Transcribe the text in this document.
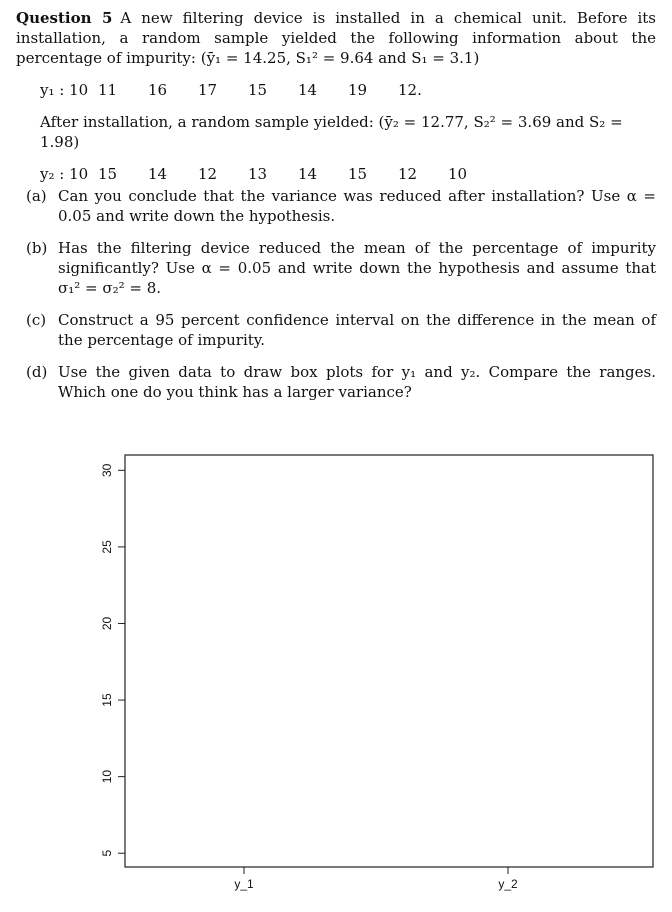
Question 5 A new filtering device is installed in a chemical unit. Before its installation, a random sample yielded the following information about the percentage of impurity: (ȳ₁ = 14.25, S₁² = 9.64 and S₁ = 3.1)

y₁ : 10 11	16	17	15	14	19	12.

After installation, a random sample yielded: (ȳ₂ = 12.77, S₂² = 3.69 and S₂ = 1.98)

y₂ : 10 15	14	12	13	14	15	12	10
(a) Can you conclude that the variance was reduced after installation? Use α = 0.05 and write down the hypothesis.
(b) Has the filtering device reduced the mean of the percentage of impurity significantly? Use α = 0.05 and write down the hypothesis and assume that σ₁² = σ₂² = 8.
(c) Construct a 95 percent confidence interval on the difference in the mean of the percentage of impurity.
(d) Use the given data to draw box plots for y₁ and y₂. Compare the ranges. Which one do you think has a larger variance?
5
10
15
20
25
30
y_1	y_2
